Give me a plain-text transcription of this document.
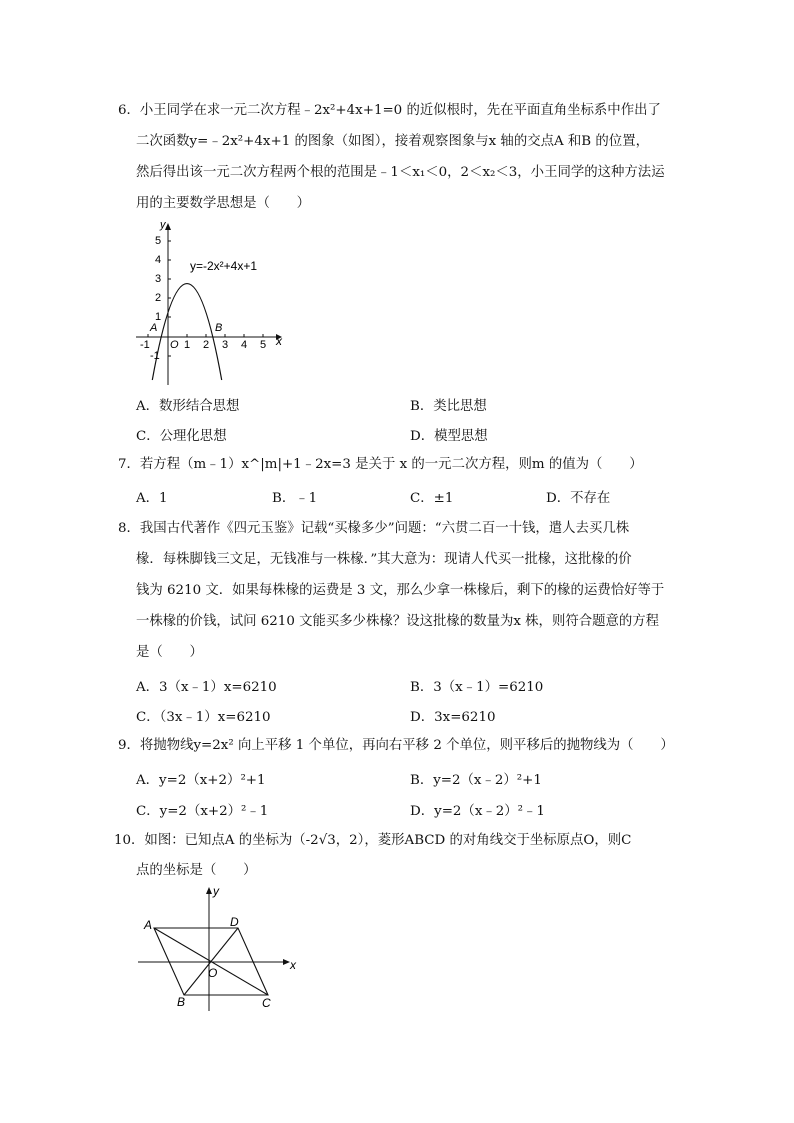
6．小王同学在求一元二次方程﹣2x²+4x+1=0 的近似根时，先在平面直角坐标系中作出了
二次函数y=﹣2x²+4x+1 的图象（如图），接着观察图象与x 轴的交点A 和B 的位置，
然后得出该一元二次方程两个根的范围是﹣1＜x₁＜0，2＜x₂＜3，小王同学的这种方法运
用的主要数学思想是（　　）
y
x
5
4
3
2
1
-1
-1	1 2 3 4 5
O
A	B
y=-2x²+4x+1
A．数形结合思想	B．类比思想
C．公理化思想	D．模型思想
7．若方程（m﹣1）x^|m|+1﹣2x=3 是关于 x 的一元二次方程，则m 的值为（　　）
A．1	B．﹣1	C．±1	D．不存在
8．我国古代著作《四元玉鉴》记载“买椽多少”问题：“六贯二百一十钱，遣人去买几株
椽．每株脚钱三文足，无钱准与一株椽．”其大意为：现请人代买一批椽，这批椽的价
钱为 6210 文．如果每株椽的运费是 3 文，那么少拿一株椽后，剩下的椽的运费恰好等于
一株椽的价钱，试问 6210 文能买多少株椽？设这批椽的数量为x 株，则符合题意的方程
是（　　）
A．3（x﹣1）x=6210	B．3（x﹣1）=6210
C．（3x﹣1）x=6210	D．3x=6210
9．将抛物线y=2x² 向上平移 1 个单位，再向右平移 2 个单位，则平移后的抛物线为（　　）
A．y=2（x+2）²+1	B．y=2（x﹣2）²+1
C．y=2（x+2）²﹣1	D．y=2（x﹣2）²﹣1
10．如图：已知点A 的坐标为（-2√3，2），菱形ABCD 的对角线交于坐标原点O，则C
点的坐标是（　　）
A	D
B	C
O
x
y
